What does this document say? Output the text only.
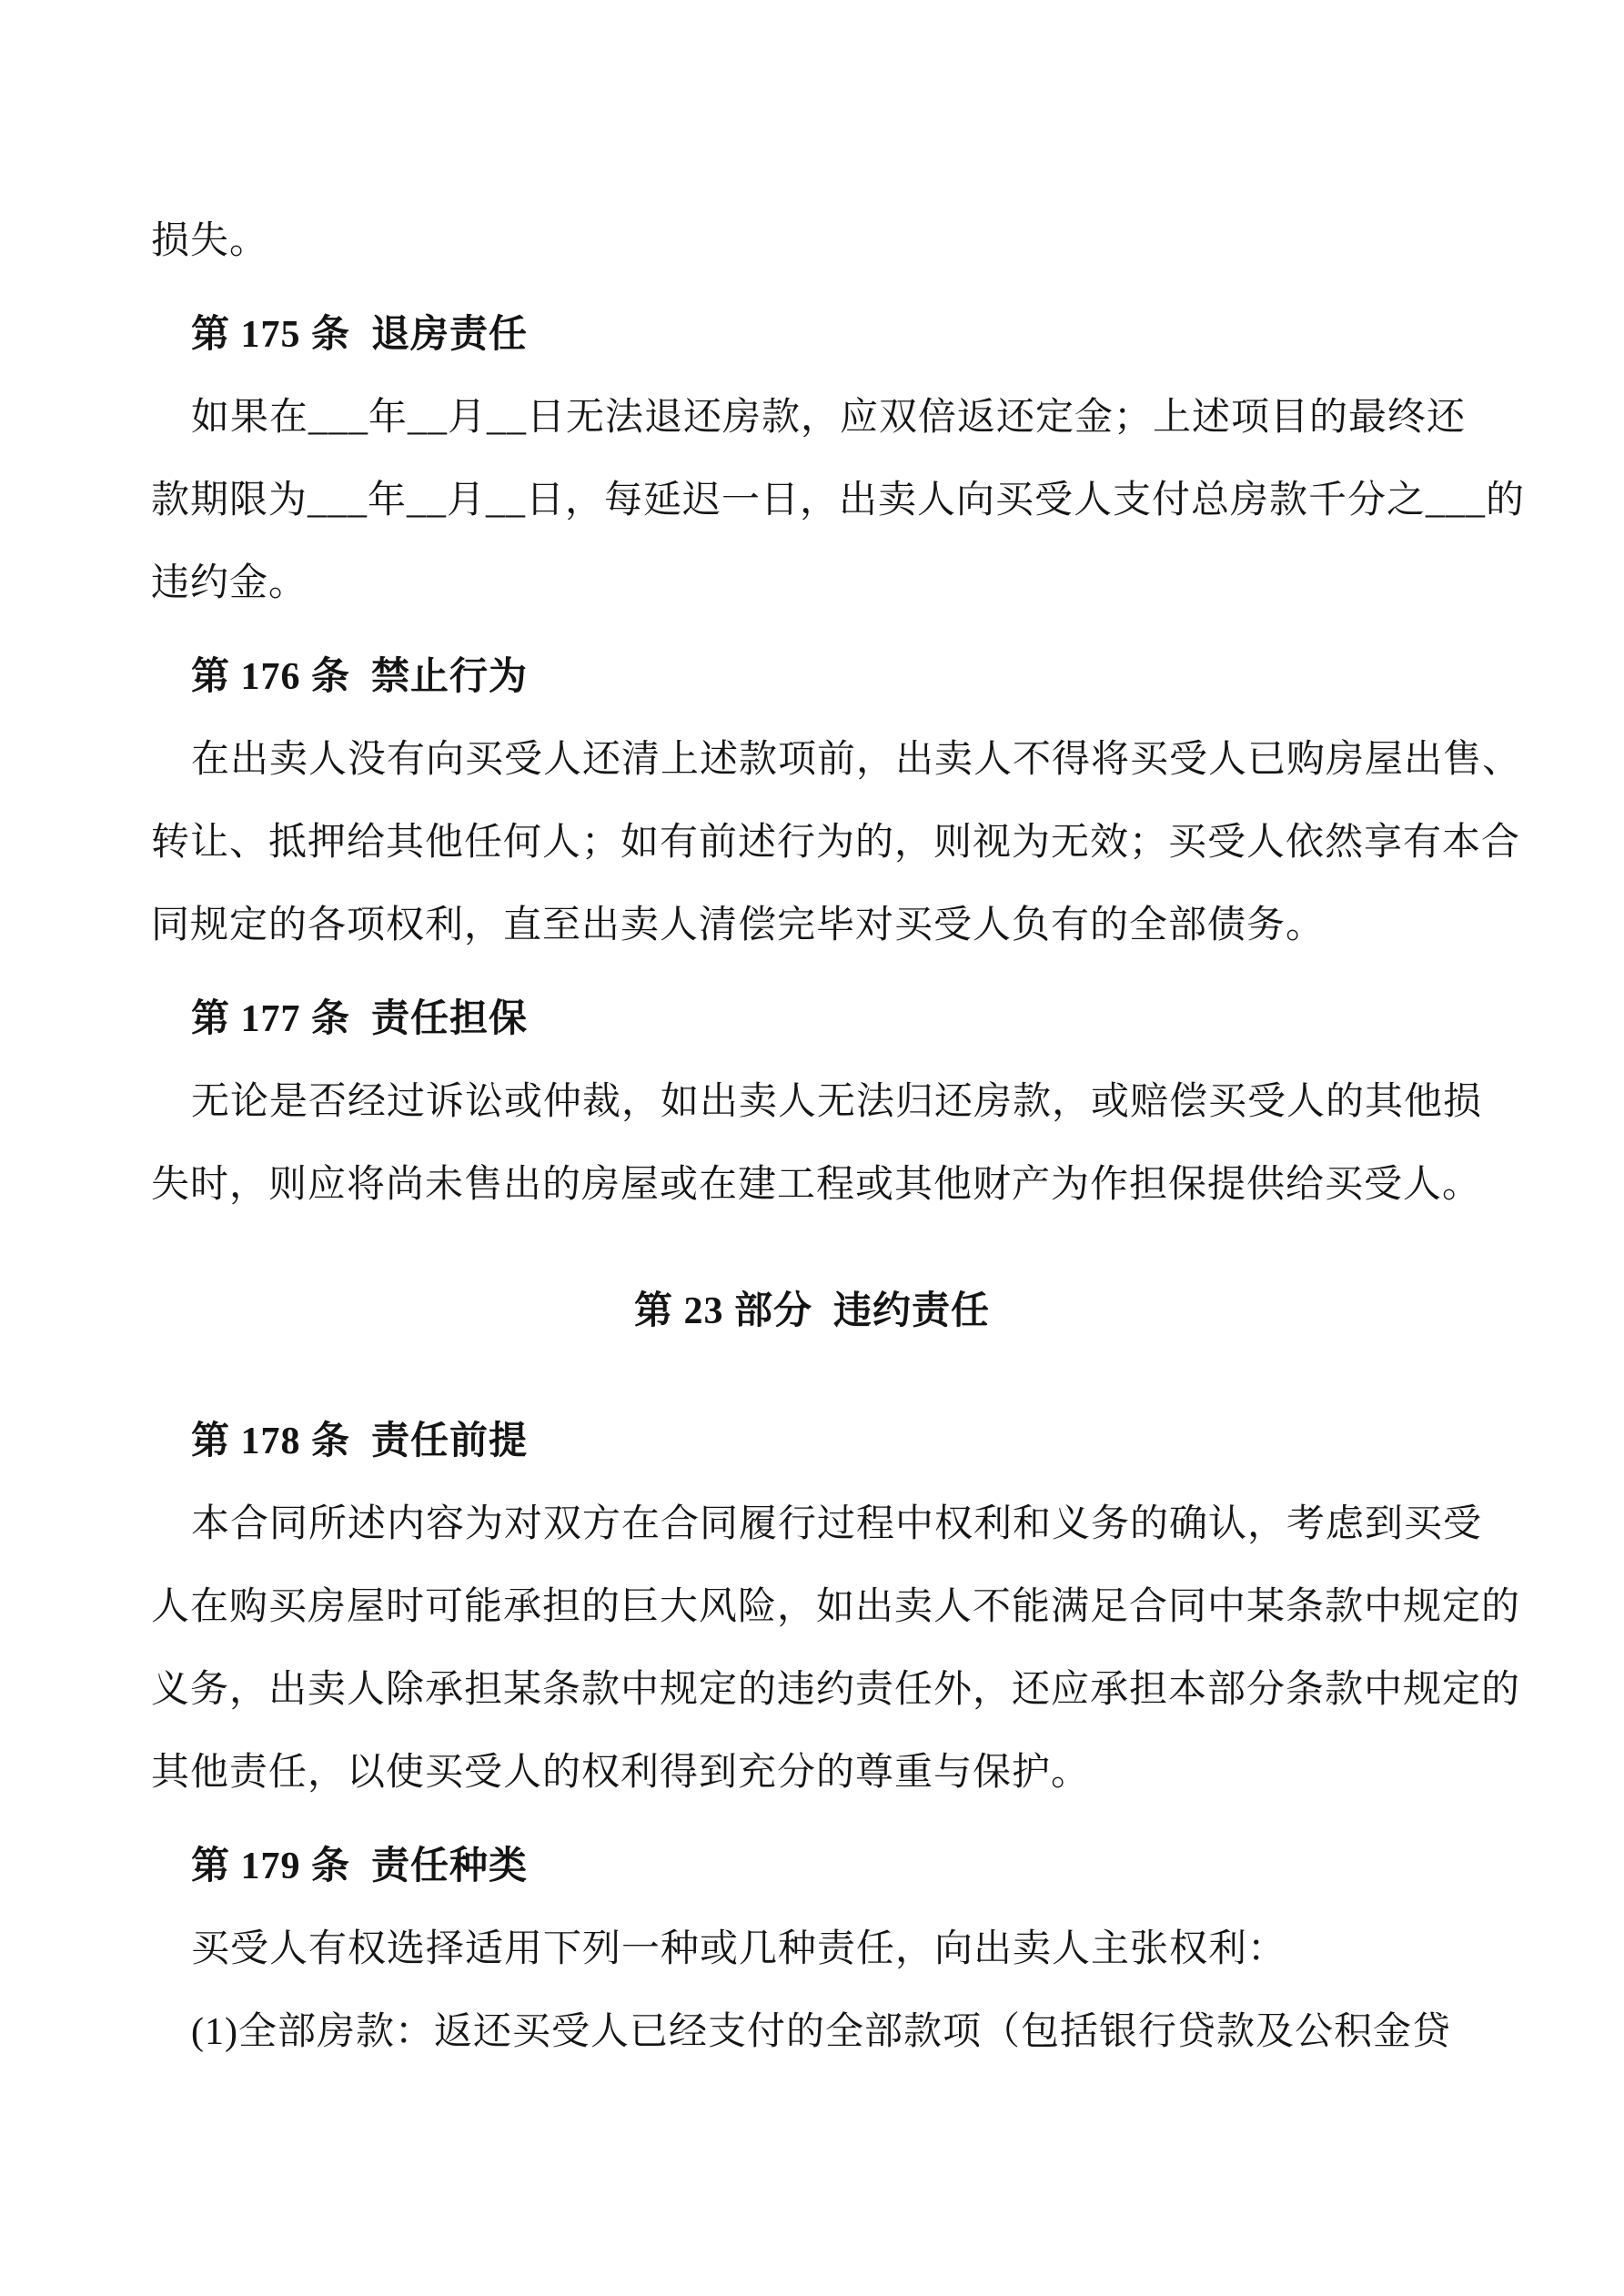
损失。
第 175 条  退房责任
如果在___年__月__日无法退还房款，应双倍返还定金；上述项目的最终还
款期限为___年__月__日，每延迟一日，出卖人向买受人支付总房款千分之___的
违约金。
第 176 条  禁止行为
在出卖人没有向买受人还清上述款项前，出卖人不得将买受人已购房屋出售、
转让、抵押给其他任何人；如有前述行为的，则视为无效；买受人依然享有本合
同规定的各项权利，直至出卖人清偿完毕对买受人负有的全部债务。
第 177 条  责任担保
无论是否经过诉讼或仲裁，如出卖人无法归还房款，或赔偿买受人的其他损
失时，则应将尚未售出的房屋或在建工程或其他财产为作担保提供给买受人。
第 23 部分  违约责任
第 178 条  责任前提
本合同所述内容为对双方在合同履行过程中权利和义务的确认，考虑到买受
人在购买房屋时可能承担的巨大风险，如出卖人不能满足合同中某条款中规定的
义务，出卖人除承担某条款中规定的违约责任外，还应承担本部分条款中规定的
其他责任，以使买受人的权利得到充分的尊重与保护。
第 179 条  责任种类
买受人有权选择适用下列一种或几种责任，向出卖人主张权利：
(1)全部房款：返还买受人已经支付的全部款项（包括银行贷款及公积金贷
